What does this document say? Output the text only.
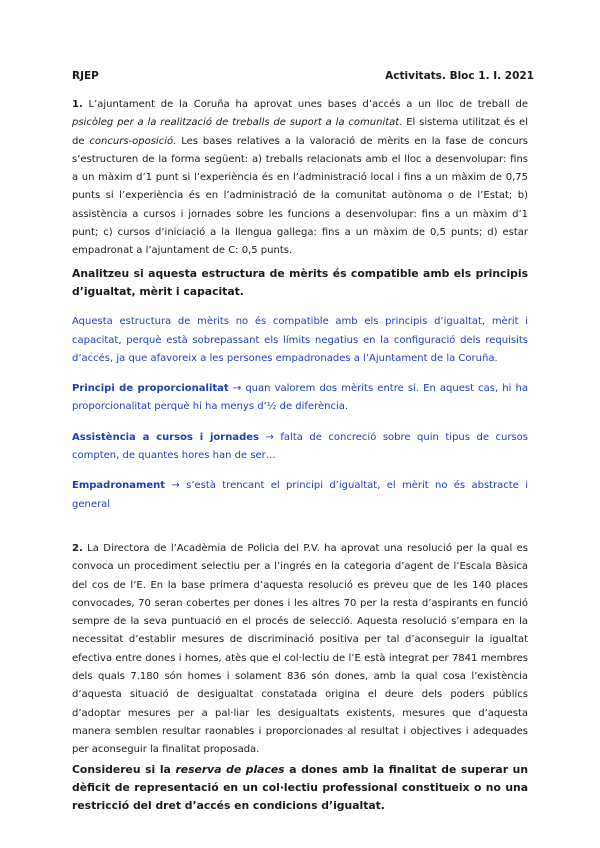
RJEP	Activitats. Bloc 1. I. 2021

1. L’ajuntament de la Coruña ha aprovat unes bases d’accés a un lloc de treball de psicòleg per a la realització de treballs de suport a la comunitat. El sistema utilitzat és el de concurs-oposició. Les bases relatives a la valoració de mèrits en la fase de concurs s’estructuren de la forma següent: a) treballs relacionats amb el lloc a desenvolupar: fins a un màxim d’1 punt si l’experiència és en l’administració local i fins a un màxim de 0,75 punts si l’experiència és en l’administració de la comunitat autònoma o de l’Estat; b) assistència a cursos i jornades sobre les funcions a desenvolupar: fins a un màxim d’1 punt; c) cursos d’iniciació a la llengua gallega: fins a un màxim de 0,5 punts; d) estar empadronat a l’ajuntament de C: 0,5 punts.

Analitzeu si aquesta estructura de mèrits és compatible amb els principis d’igualtat, mèrit i capacitat.

Aquesta estructura de mèrits no és compatible amb els principis d’igualtat, mèrit i capacitat, perquè està sobrepassant els límits negatius en la configuració dels requisits d’accés, ja que afavoreix a les persones empadronades a l’Ajuntament de la Coruña.

Principi de proporcionalitat → quan valorem dos mèrits entre si. En aquest cas, hi ha proporcionalitat perquè hi ha menys d’½ de diferència.

Assistència a cursos i jornades → falta de concreció sobre quin tipus de cursos compten, de quantes hores han de ser…

Empadronament → s’està trencant el principi d’igualtat, el mèrit no és abstracte i general

2. La Directora de l’Acadèmia de Policia del P.V. ha aprovat una resolució per la qual es convoca un procediment selectiu per a l’ingrés en la categoria d’agent de l’Escala Bàsica del cos de l’E. En la base primera d’aquesta resolució es preveu que de les 140 places convocades, 70 seran cobertes per dones i les altres 70 per la resta d’aspirants en funció sempre de la seva puntuació en el procés de selecció. Aquesta resolució s’empara en la necessitat d’establir mesures de discriminació positiva per tal d’aconseguir la igualtat efectiva entre dones i homes, atès que el col·lectiu de l’E està integrat per 7841 membres dels quals 7.180 són homes i solament 836 són dones, amb la qual cosa l’existència d’aquesta situació de desigualtat constatada origina el deure dels poders públics d’adoptar mesures per a pal·liar les desigualtats existents, mesures que d’aquesta manera semblen resultar raonables i proporcionades al resultat i objectives i adequades per aconseguir la finalitat proposada.

Considereu si la reserva de places a dones amb la finalitat de superar un dèficit de representació en un col·lectiu professional constitueix o no una restricció del dret d’accés en condicions d’igualtat.
